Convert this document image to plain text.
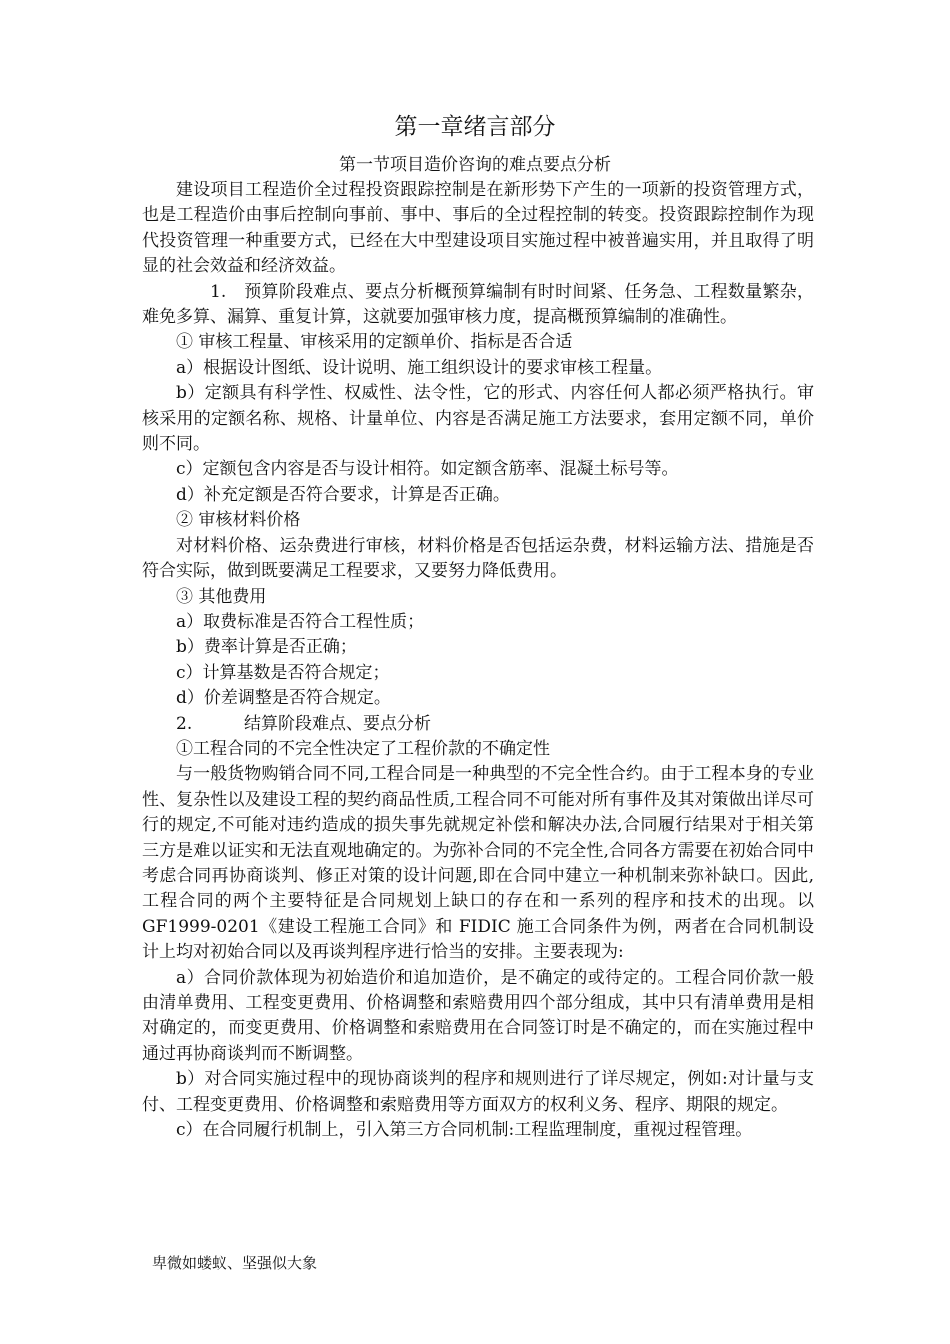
第一章绪言部分
第一节项目造价咨询的难点要点分析

建设项目工程造价全过程投资跟踪控制是在新形势下产生的一项新的投资管理方式，也是工程造价由事后控制向事前、事中、事后的全过程控制的转变。投资跟踪控制作为现代投资管理一种重要方式，已经在大中型建设项目实施过程中被普遍实用，并且取得了明显的社会效益和经济效益。

1. 预算阶段难点、要点分析概预算编制有时时间紧、任务急、工程数量繁杂，难免多算、漏算、重复计算，这就要加强审核力度，提高概预算编制的准确性。

① 审核工程量、审核采用的定额单价、指标是否合适

a）根据设计图纸、设计说明、施工组织设计的要求审核工程量。

b）定额具有科学性、权威性、法令性，它的形式、内容任何人都必须严格执行。审核采用的定额名称、规格、计量单位、内容是否满足施工方法要求，套用定额不同，单价则不同。

c）定额包含内容是否与设计相符。如定额含筋率、混凝土标号等。

d）补充定额是否符合要求，计算是否正确。

② 审核材料价格

对材料价格、运杂费进行审核，材料价格是否包括运杂费，材料运输方法、措施是否符合实际，做到既要满足工程要求，又要努力降低费用。

③ 其他费用

a）取费标准是否符合工程性质；

b）费率计算是否正确；

c）计算基数是否符合规定；

d）价差调整是否符合规定。

2.	结算阶段难点、要点分析

①工程合同的不完全性决定了工程价款的不确定性

与一般货物购销合同不同,工程合同是一种典型的不完全性合约。由于工程本身的专业性、复杂性以及建设工程的契约商品性质,工程合同不可能对所有事件及其对策做出详尽可行的规定,不可能对违约造成的损失事先就规定补偿和解决办法,合同履行结果对于相关第三方是难以证实和无法直观地确定的。为弥补合同的不完全性,合同各方需要在初始合同中考虑合同再协商谈判、修正对策的设计问题,即在合同中建立一种机制来弥补缺口。因此,工程合同的两个主要特征是合同规划上缺口的存在和一系列的程序和技术的出现。以 GF1999-0201《建设工程施工合同》和 FIDIC 施工合同条件为例，两者在合同机制设计上均对初始合同以及再谈判程序进行恰当的安排。主要表现为:

a）合同价款体现为初始造价和追加造价，是不确定的或待定的。工程合同价款一般由清单费用、工程变更费用、价格调整和索赔费用四个部分组成，其中只有清单费用是相对确定的，而变更费用、价格调整和索赔费用在合同签订时是不确定的，而在实施过程中通过再协商谈判而不断调整。

b）对合同实施过程中的现协商谈判的程序和规则进行了详尽规定，例如:对计量与支付、工程变更费用、价格调整和索赔费用等方面双方的权利义务、程序、期限的规定。

c）在合同履行机制上，引入第三方合同机制:工程监理制度，重视过程管理。

卑微如蝼蚁、坚强似大象
